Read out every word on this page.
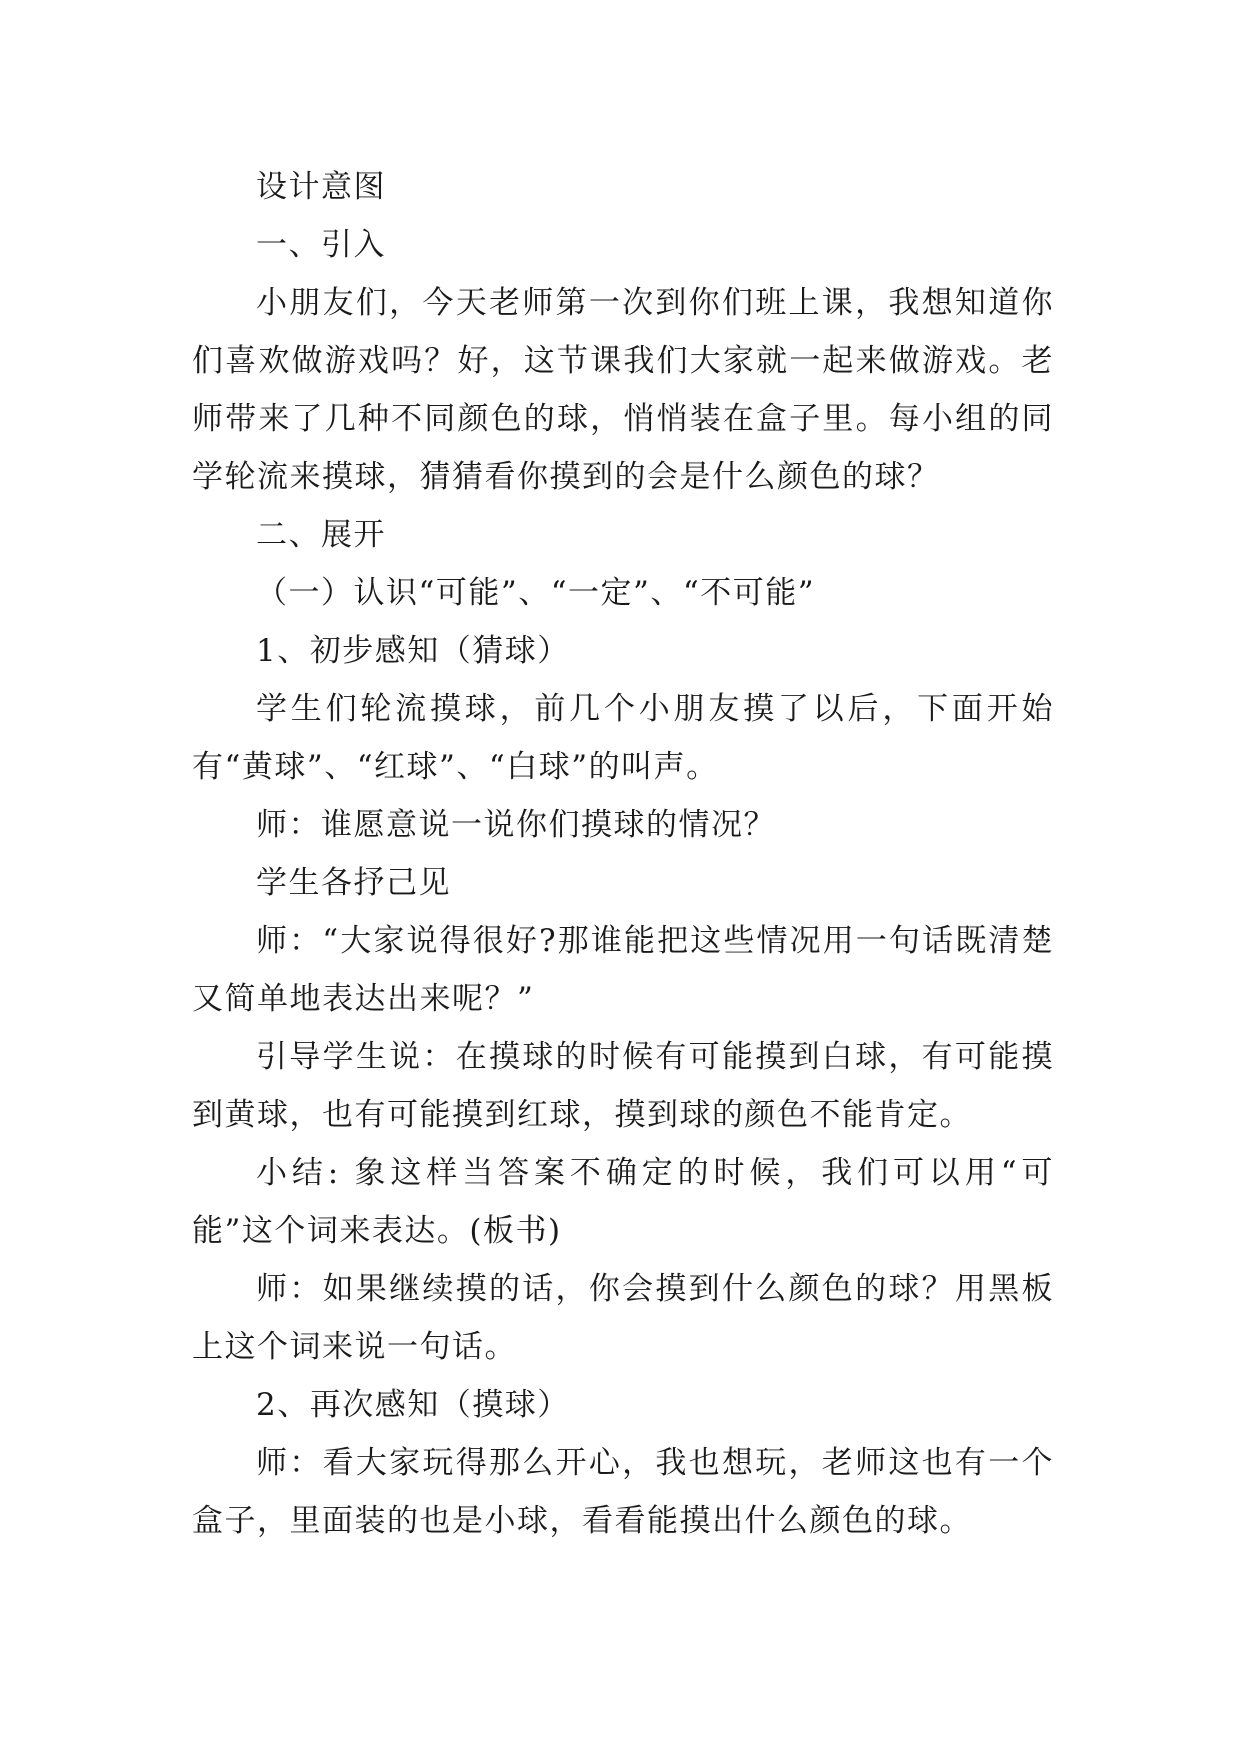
设计意图

一、引入

小朋友们，今天老师第一次到你们班上课，我想知道你们喜欢做游戏吗？好，这节课我们大家就一起来做游戏。老师带来了几种不同颜色的球，悄悄装在盒子里。每小组的同学轮流来摸球，猜猜看你摸到的会是什么颜色的球？

二、展开

（一）认识“可能”、“一定”、“不可能”

1、初步感知（猜球）

学生们轮流摸球，前几个小朋友摸了以后，下面开始有“黄球”、“红球”、“白球”的叫声。

师：谁愿意说一说你们摸球的情况？

学生各抒己见

师：“大家说得很好?那谁能把这些情况用一句话既清楚又简单地表达出来呢？”

引导学生说：在摸球的时候有可能摸到白球，有可能摸到黄球，也有可能摸到红球，摸到球的颜色不能肯定。

小结: 象这样当答案不确定的时候，我们可以用“可能”这个词来表达。(板书)

师：如果继续摸的话，你会摸到什么颜色的球？用黑板上这个词来说一句话。

2、再次感知（摸球）

师：看大家玩得那么开心，我也想玩，老师这也有一个盒子，里面装的也是小球，看看能摸出什么颜色的球。
